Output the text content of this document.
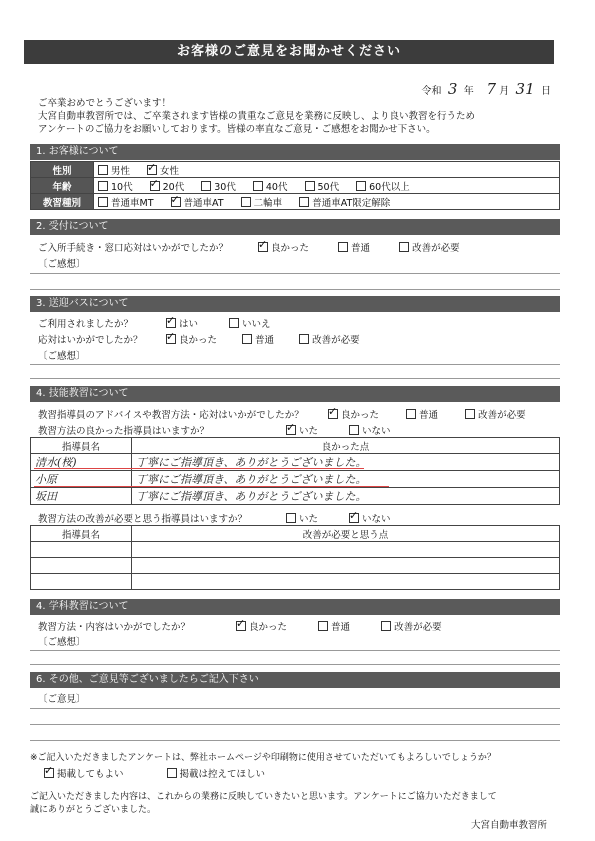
お客様のご意見をお聞かせください
令和 3 年 7 月 31 日
ご卒業おめでとうございます！
大宮自動車教習所では、ご卒業されます皆様の貴重なご意見を業務に反映し、より良い教習を行うため
アンケートのご協力をお願いしております。皆様の率直なご意見・ご感想をお聞かせ下さい。
1. お客様について
性別	男性 ✓ 女性
年齢	10代 ✓ 20代 30代 40代 50代 60代以上
教習種別	普通車MT ✓ 普通車AT 二輪車 普通車AT限定解除
2. 受付について
ご入所手続き・窓口応対はいかがでしたか？ ✓	良かった	普通	改善が必要
〔ご感想〕
3. 送迎バスについて
ご利用されましたか？ ✓	はい	いいえ
応対はいかがでしたか？ ✓	良かった	普通	改善が必要
〔ご感想〕
4. 技能教習について
教習指導員のアドバイスや教習方法・応対はいかがでしたか？ ✓	良かった	普通	改善が必要
教習方法の良かった指導員はいますか？ ✓	いた	いない
指導員名	良かった点
清水(桜)	丁寧にご指導頂き、ありがとうございました。
小原	丁寧にご指導頂き、ありがとうございました。
坂田	丁寧にご指導頂き、ありがとうございました。
教習方法の改善が必要と思う指導員はいますか？	いた ✓	いない
指導員名	改善が必要と思う点

4. 学科教習について
教習方法・内容はいかがでしたか？ ✓	良かった	普通	改善が必要
〔ご感想〕
6. その他、ご意見等ございましたらご記入下さい
〔ご意見〕
※ご記入いただきましたアンケートは、弊社ホームページや印刷物に使用させていただいてもよろしいでしょうか？
✓掲載してもよい	掲載は控えてほしい
ご記入いただきました内容は、これからの業務に反映していきたいと思います。アンケートにご協力いただきまして
誠にありがとうございました。
大宮自動車教習所
